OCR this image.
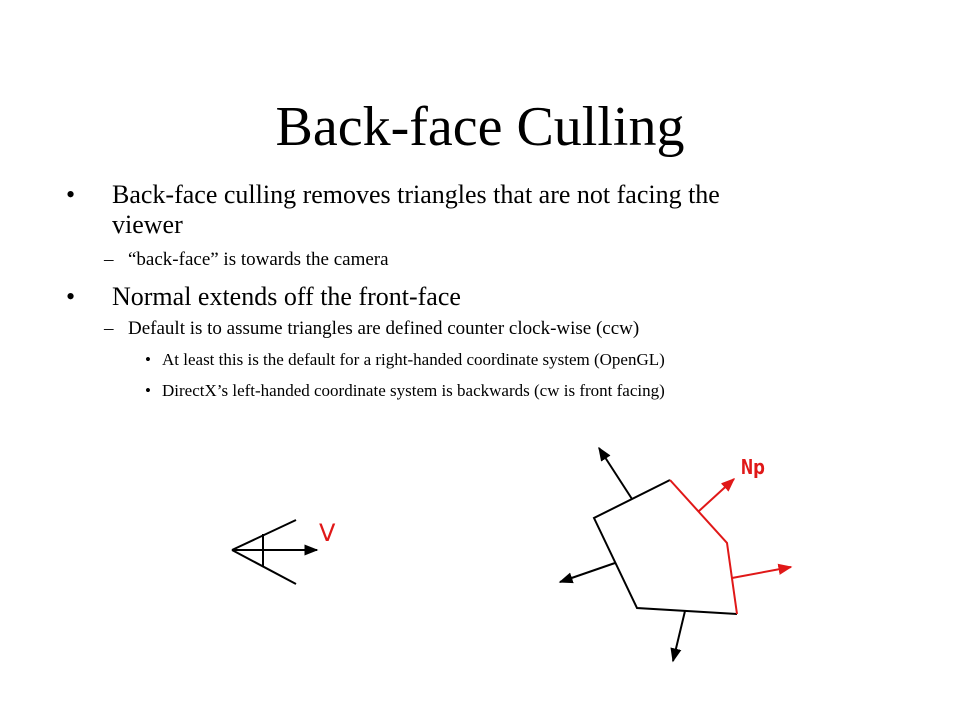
Back-face Culling
• Back-face culling removes triangles that are not facing the
viewer
– “back-face” is towards the camera
• Normal extends off the front-face
– Default is to assume triangles are defined counter clock-wise (ccw)
• At least this is the default for a right-handed coordinate system (OpenGL)
• DirectX’s left-handed coordinate system is backwards (cw is front facing)
V
Np
